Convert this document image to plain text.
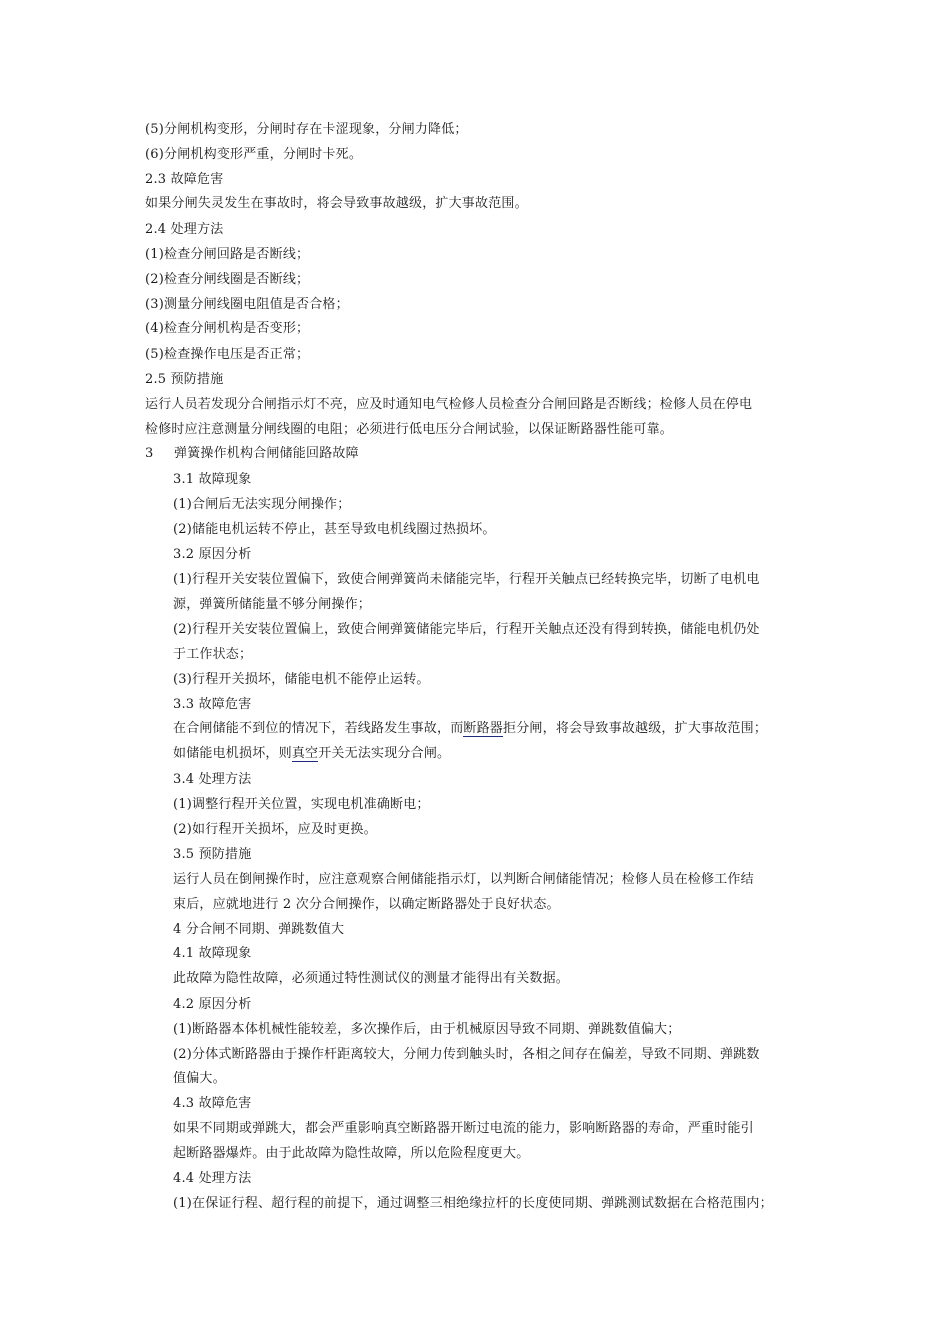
(5)分闸机构变形，分闸时存在卡涩现象，分闸力降低；
(6)分闸机构变形严重，分闸时卡死。
2.3 故障危害
如果分闸失灵发生在事故时，将会导致事故越级，扩大事故范围。
2.4 处理方法
(1)检查分闸回路是否断线；
(2)检查分闸线圈是否断线；
(3)测量分闸线圈电阻值是否合格；
(4)检查分闸机构是否变形；
(5)检查操作电压是否正常；
2.5 预防措施
运行人员若发现分合闸指示灯不亮，应及时通知电气检修人员检查分合闸回路是否断线；检修人员在停电
检修时应注意测量分闸线圈的电阻；必须进行低电压分合闸试验，以保证断路器性能可靠。
3 弹簧操作机构合闸储能回路故障
3.1 故障现象
(1)合闸后无法实现分闸操作；
(2)储能电机运转不停止，甚至导致电机线圈过热损坏。
3.2 原因分析
(1)行程开关安装位置偏下，致使合闸弹簧尚未储能完毕，行程开关触点已经转换完毕，切断了电机电
源，弹簧所储能量不够分闸操作；
(2)行程开关安装位置偏上，致使合闸弹簧储能完毕后，行程开关触点还没有得到转换，储能电机仍处
于工作状态；
(3)行程开关损坏，储能电机不能停止运转。
3.3 故障危害
在合闸储能不到位的情况下，若线路发生事故，而断路器拒分闸，将会导致事故越级，扩大事故范围；
如储能电机损坏，则真空开关无法实现分合闸。
3.4 处理方法
(1)调整行程开关位置，实现电机准确断电；
(2)如行程开关损坏，应及时更换。
3.5 预防措施
运行人员在倒闸操作时，应注意观察合闸储能指示灯，以判断合闸储能情况；检修人员在检修工作结
束后，应就地进行 2 次分合闸操作，以确定断路器处于良好状态。
4 分合闸不同期、弹跳数值大
4.1 故障现象
此故障为隐性故障，必须通过特性测试仪的测量才能得出有关数据。
4.2 原因分析
(1)断路器本体机械性能较差，多次操作后，由于机械原因导致不同期、弹跳数值偏大；
(2)分体式断路器由于操作杆距离较大，分闸力传到触头时，各相之间存在偏差，导致不同期、弹跳数
值偏大。
4.3 故障危害
如果不同期或弹跳大，都会严重影响真空断路器开断过电流的能力，影响断路器的寿命，严重时能引
起断路器爆炸。由于此故障为隐性故障，所以危险程度更大。
4.4 处理方法
(1)在保证行程、超行程的前提下，通过调整三相绝缘拉杆的长度使同期、弹跳测试数据在合格范围内；
